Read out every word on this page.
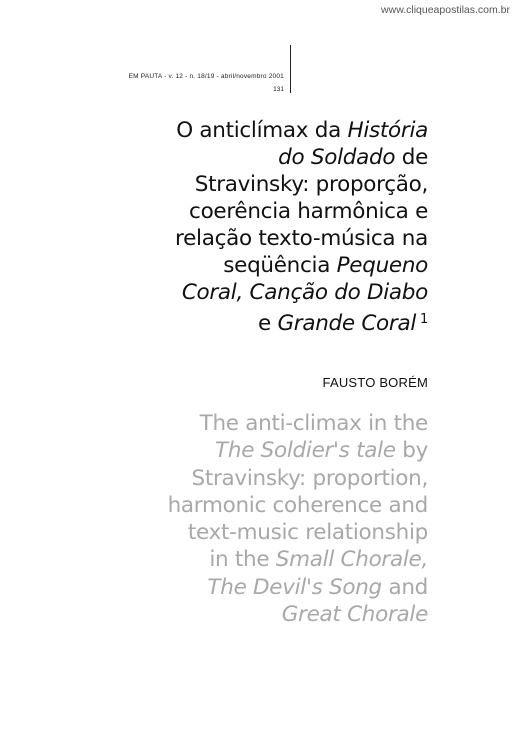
www.cliqueapostilas.com.br
EM PAUTA - v. 12 - n. 18/19 - abril/novembro 2001
131
O anticlímax da História
do Soldado de
Stravinsky: proporção,
coerência harmônica e
relação texto-música na
seqüência Pequeno
Coral, Canção do Diabo
e Grande Coral $^1$
FAUSTO BORÉM
The anti-climax in the
The Soldier's tale by
Stravinsky: proportion,
harmonic coherence and
text-music relationship
in the Small Chorale,
The Devil's Song and
Great Chorale
